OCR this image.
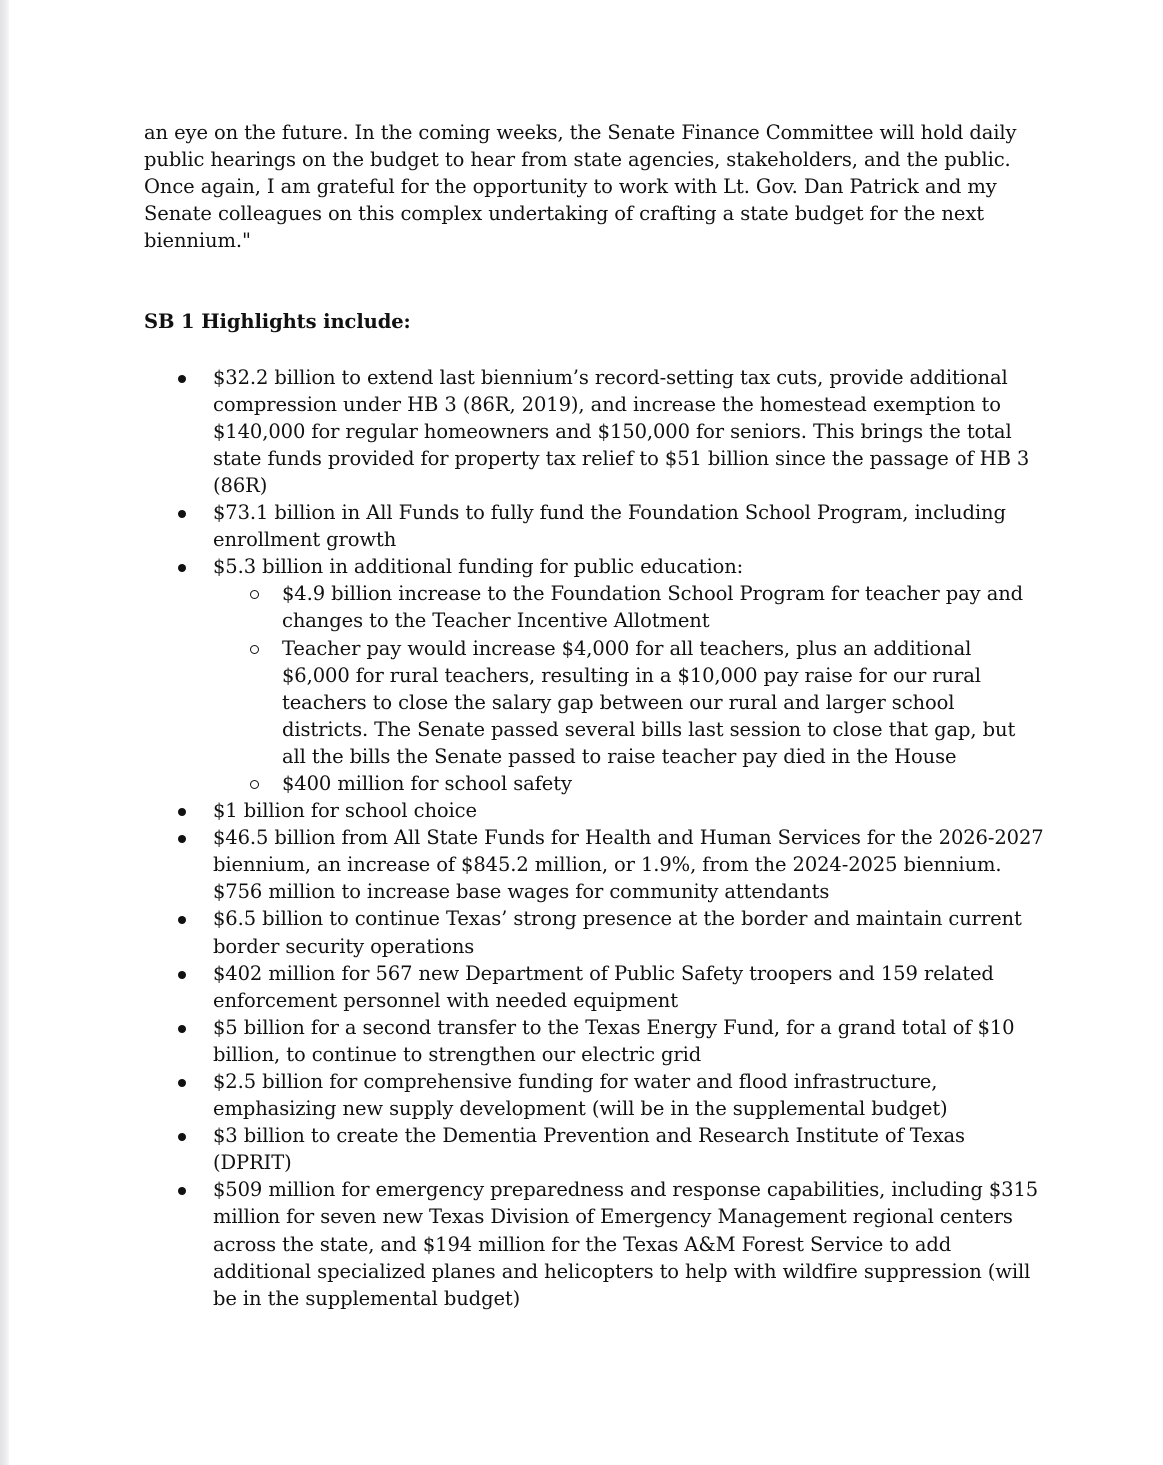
an eye on the future. In the coming weeks, the Senate Finance Committee will hold daily public hearings on the budget to hear from state agencies, stakeholders, and the public. Once again, I am grateful for the opportunity to work with Lt. Gov. Dan Patrick and my Senate colleagues on this complex undertaking of crafting a state budget for the next biennium."

SB 1 Highlights include:
$32.2 billion to extend last biennium’s record-setting tax cuts, provide additional compression under HB 3 (86R, 2019), and increase the homestead exemption to $140,000 for regular homeowners and $150,000 for seniors. This brings the total state funds provided for property tax relief to $51 billion since the passage of HB 3 (86R)
$73.1 billion in All Funds to fully fund the Foundation School Program, including enrollment growth
$5.3 billion in additional funding for public education:
$4.9 billion increase to the Foundation School Program for teacher pay and changes to the Teacher Incentive Allotment
Teacher pay would increase $4,000 for all teachers, plus an additional $6,000 for rural teachers, resulting in a $10,000 pay raise for our rural teachers to close the salary gap between our rural and larger school districts. The Senate passed several bills last session to close that gap, but all the bills the Senate passed to raise teacher pay died in the House
$400 million for school safety
$1 billion for school choice
$46.5 billion from All State Funds for Health and Human Services for the 2026-2027 biennium, an increase of $845.2 million, or 1.9%, from the 2024-2025 biennium. $756 million to increase base wages for community attendants
$6.5 billion to continue Texas’ strong presence at the border and maintain current border security operations
$402 million for 567 new Department of Public Safety troopers and 159 related enforcement personnel with needed equipment
$5 billion for a second transfer to the Texas Energy Fund, for a grand total of $10 billion, to continue to strengthen our electric grid
$2.5 billion for comprehensive funding for water and flood infrastructure, emphasizing new supply development (will be in the supplemental budget)
$3 billion to create the Dementia Prevention and Research Institute of Texas (DPRIT)
$509 million for emergency preparedness and response capabilities, including $315 million for seven new Texas Division of Emergency Management regional centers across the state, and $194 million for the Texas A&M Forest Service to add additional specialized planes and helicopters to help with wildfire suppression (will be in the supplemental budget)
